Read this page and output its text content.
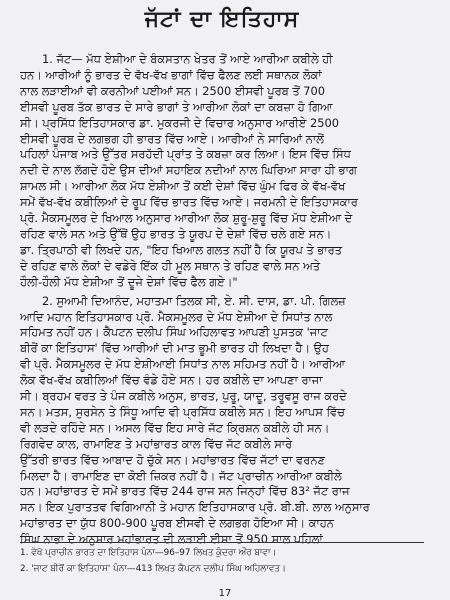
ਜੱਟਾਂ ਦਾ ਇਤਿਹਾਸ
1. ਜੱਟ— ਮੱਧ ਏਸ਼ੀਆ ਦੇ ਬੰਕਸਤਾਨ ਖੇਤਰ ਤੋਂ ਆਏ ਆਰੀਆ ਕਬੀਲੇ ਹੀ
ਹਨ। ਆਰੀਆਂ ਨੂੰ ਭਾਰਤ ਦੇ ਵੱਖ-ਵੱਖ ਭਾਗਾਂ ਵਿੱਚ ਫੈਲਣ ਲਈ ਸਥਾਨਕ ਲੋਕਾਂ
ਨਾਲ ਲੜਾਈਆਂ ਵੀ ਕਰਨੀਆਂ ਪਈਆਂ ਸਨ। 2500 ਈਸਵੀ ਪੂਰਬ ਤੋਂ 700
ਈਸਵੀ ਪੂਰਬ ਤੱਕ ਭਾਰਤ ਦੇ ਸਾਰੇ ਭਾਗਾਂ ਤੇ ਆਰੀਆ ਲੋਕਾਂ ਦਾ ਕਬਜ਼ਾ ਹੋ ਗਿਆ
ਸੀ। ਪ੍ਰਸਿੱਧ ਇਤਿਹਾਸਕਾਰ ਡਾ. ਮੁਕਰਜੀ ਦੇ ਵਿਚਾਰ ਅਨੁਸਾਰ ਆਰੀਏ 2500
ਈਸਵੀ ਪੂਰਬ ਦੇ ਲਗਭਗ ਹੀ ਭਾਰਤ ਵਿੱਚ ਆਏ। ਆਰੀਆਂ ਨੇ ਸਾਰਿਆਂ ਨਾਲੋਂ
ਪਹਿਲਾਂ ਪੰਜਾਬ ਅਤੇ ਉੱਤਰ ਸਰਹੱਦੀ ਪ੍ਰਾਂਤ ਤੇ ਕਬਜ਼ਾ ਕਰ ਲਿਆ। ਇਸ ਵਿੱਚ ਸਿੰਧ
ਨਦੀ ਦੇ ਨਾਲ ਲੱਗਦੇ ਹੋਏ ਉਸ ਦੀਆਂ ਸਹਾਇਕ ਨਦੀਆਂ ਨਾਲ ਘਿਰਿਆ ਸਾਰਾ ਹੀ ਭਾਗ
ਸ਼ਾਮਲ ਸੀ। ਆਰੀਆ ਲੋਕ ਮੱਧ ਏਸ਼ੀਆ ਤੋਂ ਕਈ ਦੇਸ਼ਾਂ ਵਿੱਚ ਘੁੰਮ ਫਿਰ ਕੇ ਵੱਖ-ਵੱਖ
ਸਮੇਂ ਵੱਖ-ਵੱਖ ਕਬੀਲਿਆਂ ਦੇ ਰੂਪ ਵਿੱਚ ਭਾਰਤ ਵਿੱਚ ਆਏ। ਜਰਮਨੀ ਦੇ ਇਤਿਹਾਸਕਾਰ
ਪ੍ਰੋ. ਮੈਕਸਮੂਲਰ ਦੇ ਖਿਆਲ ਅਨੁਸਾਰ ਆਰੀਆ ਲੋਕ ਸ਼ੁਰੂ-ਸ਼ੁਰੂ ਵਿੱਚ ਮੱਧ ਏਸ਼ੀਆ ਦੇ
ਰਹਿਣ ਵਾਲੇ ਸਨ ਅਤੇ ਉੱਥੋਂ ਉਹ ਭਾਰਤ ਤੇ ਯੂਰਪ ਦੇ ਦੇਸ਼ਾਂ ਵਿੱਚ ਚਲੇ ਗਏ ਸਨ।
ਡਾ. ਤ੍ਰਿਪਾਠੀ ਵੀ ਲਿਖਦੇ ਹਨ, "ਇਹ ਖਿਆਲ ਗਲਤ ਨਹੀਂ ਹੈ ਕਿ ਯੂਰਪ ਤੇ ਭਾਰਤ
ਦੇ ਰਹਿਣ ਵਾਲੇ ਲੋਕਾਂ ਦੇ ਵਡੇਰੇ ਇੱਕ ਹੀ ਮੂਲ ਸਥਾਨ ਤੇ ਰਹਿਣ ਵਾਲੇ ਸਨ ਅਤੇ
ਹੌਲੀ-ਹੌਲੀ ਮੱਧ ਏਸ਼ੀਆ ਤੋਂ ਦੂਜੇ ਦੇਸ਼ਾਂ ਵਿੱਚ ਫੈਲ ਗਏ।"
2. ਸੁਆਮੀ ਦਿਆਨੰਦ, ਮਹਾਤਮਾ ਤਿਲਕ ਸੀ, ਏ. ਸੀ. ਦਾਸ, ਡਾ. ਪੀ. ਗਿਲਜ਼
ਆਦਿ ਮਹਾਨ ਇਤਿਹਾਸਕਾਰ ਪ੍ਰੋ. ਮੈਕਸਮੂਲਰ ਦੇ ਮੱਧ ਏਸ਼ੀਆ ਦੇ ਸਿਧਾਂਤ ਨਾਲ
ਸਹਿਮਤ ਨਹੀਂ ਹਨ। ਕੈਪਟਨ ਦਲੀਪ ਸਿੰਘ ਅਹਿਲਾਵਤ ਆਪਣੀ ਪੁਸਤਕ 'ਜਾਟ
ਬੀਰੋਂ ਕਾ ਇਤਿਹਾਸ' ਵਿੱਚ ਆਰੀਆਂ ਦੀ ਮਾਤ ਭੂਮੀ ਭਾਰਤ ਹੀ ਲਿਖਦਾ ਹੈ। ਉਹ
ਵੀ ਪ੍ਰੋ. ਮੈਕਸਮੂਲਰ ਦੇ ਮੱਧ ਏਸ਼ੀਆਈ ਸਿਧਾਂਤ ਨਾਲ ਸਹਿਮਤ ਨਹੀਂ ਹੈ। ਆਰੀਆ
ਲੋਕ ਵੱਖ-ਵੱਖ ਕਬੀਲਿਆਂ ਵਿੱਚ ਵੰਡੇ ਹੋਏ ਸਨ। ਹਰ ਕਬੀਲੇ ਦਾ ਆਪਣਾ ਰਾਜਾ
ਸੀ। ਬ੍ਰਹਮ ਵਰਤ ਤੇ ਪੰਜ ਕਬੀਲੇ ਅਨੁਸ, ਭਾਰਤ, ਪੁਰੂ, ਯਾਦੂ, ਤਰੂਵਸੂ ਰਾਜ ਕਰਦੇ
ਸਨ। ਮਤਸ, ਸੁਰਸੇਨ ਤੇ ਸਿੰਧੂ ਆਦਿ ਵੀ ਪ੍ਰਸਿੱਧ ਕਬੀਲੇ ਸਨ। ਇਹ ਆਪਸ ਵਿੱਚ
ਵੀ ਲੜਦੇ ਰਹਿੰਦੇ ਸਨ। ਅਸਲ ਵਿੱਚ ਇਹ ਸਾਰੇ ਜੱਟ ਕ੍ਰਿਸ਼ਨ ਕਬੀਲੇ ਹੀ ਸਨ।
ਰਿਗਵੇਦ ਕਾਲ, ਰਾਮਾਇਣ ਤੇ ਮਹਾਂਭਾਰਤ ਕਾਲ ਵਿੱਚ ਜੱਟ ਕਬੀਲੇ ਸਾਰੇ
ਉੱਤਰੀ ਭਾਰਤ ਵਿੱਚ ਆਬਾਦ ਹੋ ਚੁੱਕੇ ਸਨ। ਮਹਾਂਭਾਰਤ ਵਿੱਚ ਜੱਟਾਂ ਦਾ ਵਰਨਣ
ਮਿਲਦਾ ਹੈ। ਰਾਮਾਇਣ ਦਾ ਕੋਈ ਜ਼ਿਕਰ ਨਹੀਂ ਹੈ। ਜੱਟ ਪ੍ਰਾਚੀਨ ਆਰੀਆ ਕਬੀਲੇ
ਹਨ। ਮਹਾਂਭਾਰਤ ਦੇ ਸਮੇਂ ਭਾਰਤ ਵਿੱਚ 244 ਰਾਜ ਸਨ ਜਿਨ੍ਹਾਂ ਵਿੱਚ 83² ਜੱਟ ਰਾਜ
ਸਨ। ਇਕ ਪੁਰਾਤਤਵ ਵਿਗਿਆਨੀ ਤੇ ਮਹਾਨ ਇਤਿਹਾਸਕਾਰ ਪ੍ਰੋ. ਬੀ.ਬੀ. ਲਾਲ ਅਨੁਸਾਰ
ਮਹਾਂਭਾਰਤ ਦਾ ਯੁੱਧ 800-900 ਪੂਰਬ ਈਸਵੀ ਦੇ ਲਗਭਗ ਹੋਇਆ ਸੀ। ਕਾਹਨ
ਸਿੰਘ ਨਾਭਾ ਦੇ ਅਨੁਸਾਰ ਮਹਾਂਭਾਰਤ ਦੀ ਲੜਾਈ ਈਸਾ ਤੋਂ 950 ਸਾਲ ਪਹਿਲਾਂ
1. ਵੇਖੋ ਪ੍ਰਾਚੀਨ ਭਾਰਤ ਦਾ ਇਤਿਹਾਸ ਪੰਨਾ—96–97 ਲਿਖਤ ਕੁੰਦਰਾ ਔਰ ਬਾਵਾ।
2. 'ਜਾਟ ਬੀਰੋਂ ਕਾ ਇਤਿਹਾਸ' ਪੰਨਾ—413 ਲਿਖਤ ਕੈਪਟਨ ਦਲੀਪ ਸਿੰਘ ਅਹਿਲਾਵਤ।
17
